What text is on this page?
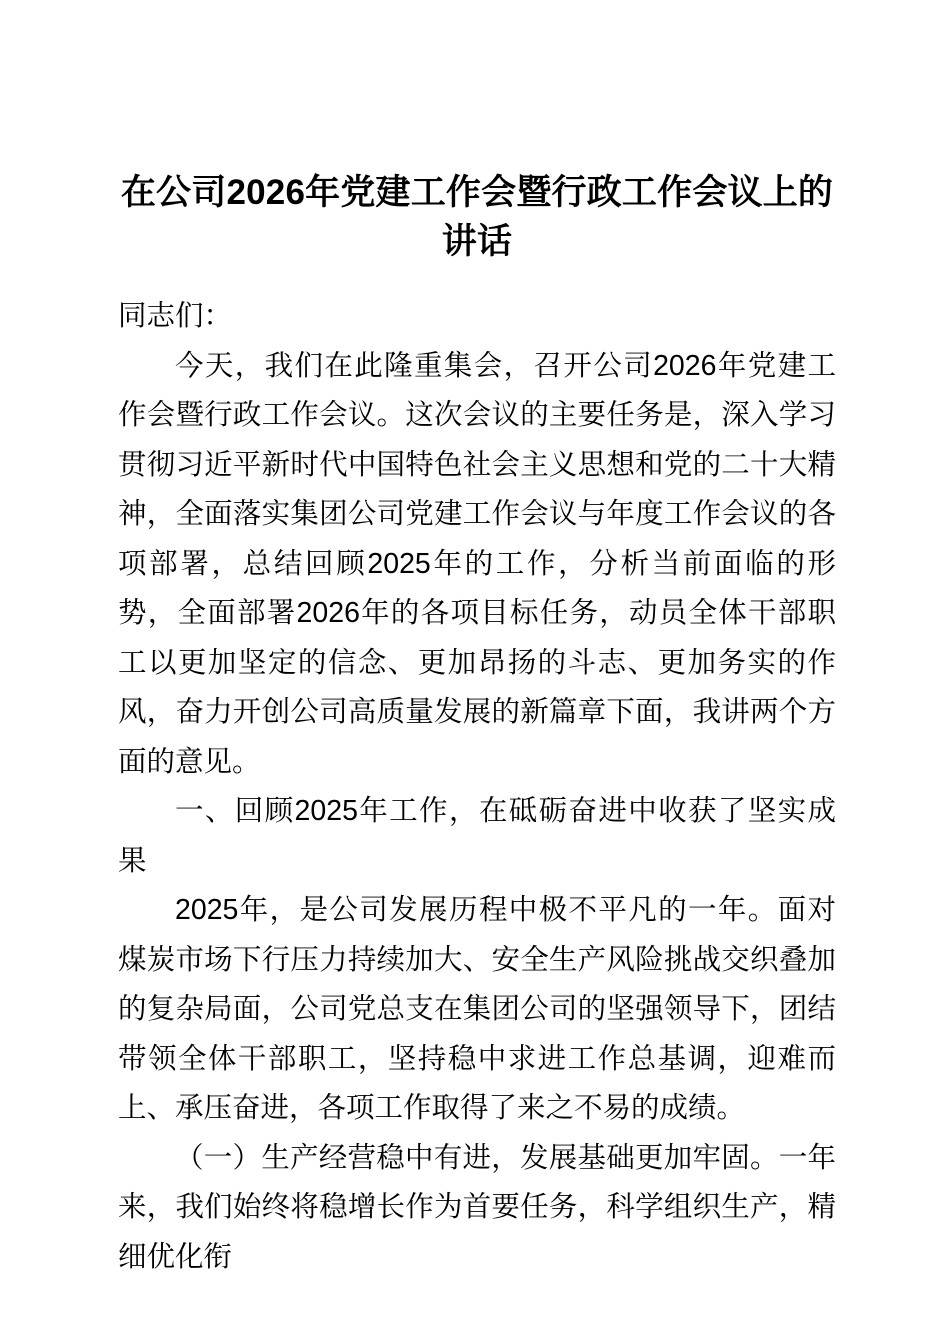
在公司2026年党建工作会暨行政工作会议上的讲话

同志们：

今天，我们在此隆重集会，召开公司2026年党建工作会暨行政工作会议。这次会议的主要任务是，深入学习贯彻习近平新时代中国特色社会主义思想和党的二十大精神，全面落实集团公司党建工作会议与年度工作会议的各项部署，总结回顾2025年的工作，分析当前面临的形势，全面部署2026年的各项目标任务，动员全体干部职工以更加坚定的信念、更加昂扬的斗志、更加务实的作风，奋力开创公司高质量发展的新篇章下面，我讲两个方面的意见。

一、回顾2025年工作，在砥砺奋进中收获了坚实成果

2025年，是公司发展历程中极不平凡的一年。面对煤炭市场下行压力持续加大、安全生产风险挑战交织叠加的复杂局面，公司党总支在集团公司的坚强领导下，团结带领全体干部职工，坚持稳中求进工作总基调，迎难而上、承压奋进，各项工作取得了来之不易的成绩。

（一）生产经营稳中有进，发展基础更加牢固。一年来，我们始终将稳增长作为首要任务，科学组织生产，精细优化衔
